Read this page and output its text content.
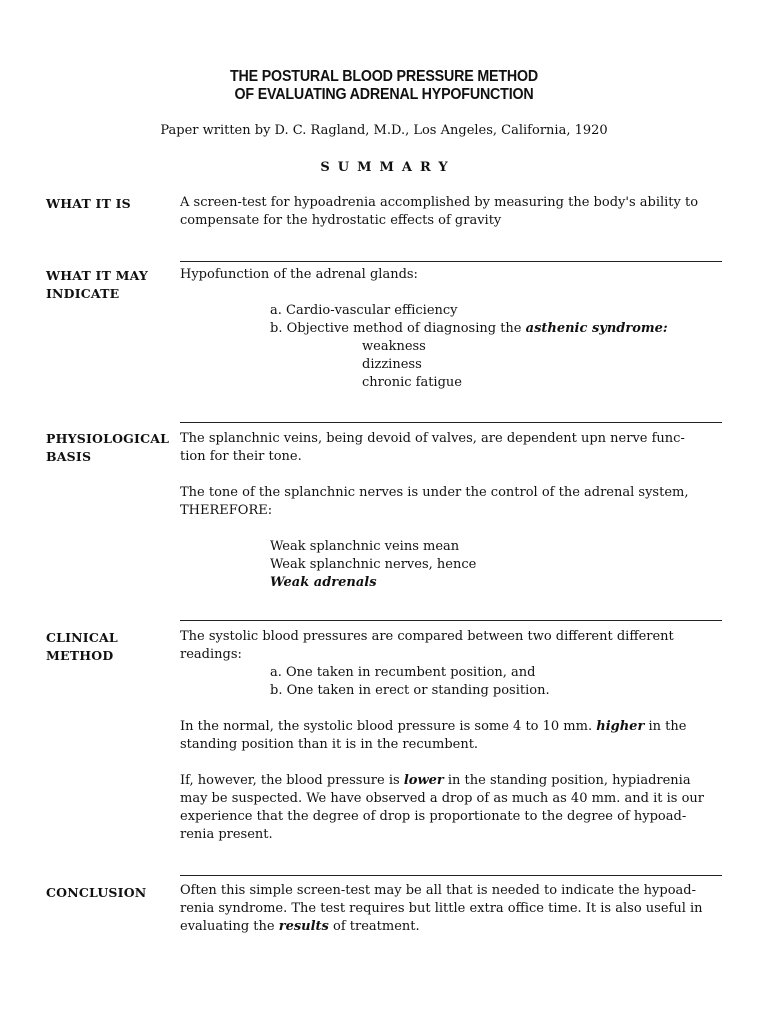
THE POSTURAL BLOOD PRESSURE METHOD
OF EVALUATING ADRENAL HYPOFUNCTION
Paper written by D. C. Ragland, M.D., Los Angeles, California, 1920
SUMMARY
WHAT IT IS	A screen-test for hypoadrenia accomplished by measuring the body's ability to
compensate for the hydrostatic effects of gravity
WHAT IT MAY
INDICATE
Hypofunction of the adrenal glands:
a. Cardio-vascular efficiency
b. Objective method of diagnosing the asthenic syndrome:
weakness
dizziness
chronic fatigue
PHYSIOLOGICAL
BASIS
The splanchnic veins, being devoid of valves, are dependent upn nerve func-
tion for their tone.
The tone of the splanchnic nerves is under the control of the adrenal system,
THEREFORE:
Weak splanchnic veins mean
Weak splanchnic nerves, hence
Weak adrenals
CLINICAL
METHOD
The systolic blood pressures are compared between two different different
readings:
a. One taken in recumbent position, and
b. One taken in erect or standing position.
In the normal, the systolic blood pressure is some 4 to 10 mm. higher in the
standing position than it is in the recumbent.
If, however, the blood pressure is lower in the standing position, hypiadrenia
may be suspected. We have observed a drop of as much as 40 mm. and it is our
experience that the degree of drop is proportionate to the degree of hypoad-
renia present.
CONCLUSION	Often this simple screen-test may be all that is needed to indicate the hypoad-
renia syndrome. The test requires but little extra office time. It is also useful in
evaluating the results of treatment.
